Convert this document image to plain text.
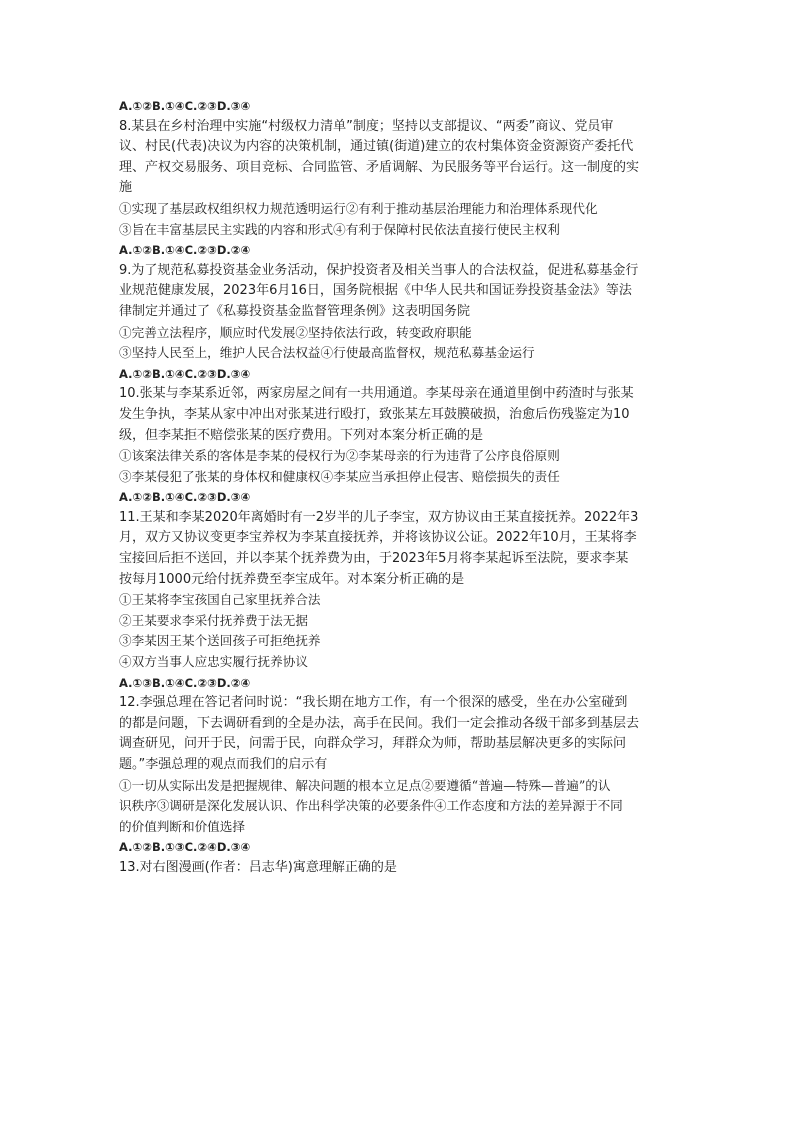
A.①②B.①④C.②③D.③④
8.某县在乡村治理中实施“村级权力清单”制度；坚持以支部提议、“两委”商议、党员审
议、村民(代表)决议为内容的决策机制，通过镇(街道)建立的农村集体资金资源资产委托代
理、产权交易服务、项目竞标、合同监管、矛盾调解、为民服务等平台运行。这一制度的实
施
①实现了基层政权组织权力规范透明运行②有利于推动基层治理能力和治理体系现代化
③旨在丰富基层民主实践的内容和形式④有利于保障村民依法直接行使民主权利
A.①②B.①④C.②③D.②④
9.为了规范私募投资基金业务活动，保护投资者及相关当事人的合法权益，促进私募基金行
业规范健康发展，2023年6月16日，国务院根据《中华人民共和国证券投资基金法》等法
律制定并通过了《私募投资基金监督管理条例》这表明国务院
①完善立法程序，顺应时代发展②坚持依法行政，转变政府职能
③坚持人民至上，维护人民合法权益④行使最高监督权，规范私募基金运行
A.①②B.①④C.②③D.③④
10.张某与李某系近邻，两家房屋之间有一共用通道。李某母亲在通道里倒中药渣时与张某
发生争执，李某从家中冲出对张某进行殴打，致张某左耳鼓膜破损，治愈后伤残鉴定为10
级，但李某拒不赔偿张某的医疗费用。下列对本案分析正确的是
①该案法律关系的客体是李某的侵权行为②李某母亲的行为违背了公序良俗原则
③李某侵犯了张某的身体权和健康权④李某应当承担停止侵害、赔偿损失的责任
A.①②B.①④C.②③D.③④
11.王某和李某2020年离婚时有一2岁半的儿子李宝，双方协议由王某直接抚养。2022年3
月，双方又协议变更李宝养权为李某直接抚养，并将该协议公证。2022年10月，王某将李
宝接回后拒不送回，并以李某个抚养费为由，于2023年5月将李某起诉至法院，要求李某
按每月1000元给付抚养费至李宝成年。对本案分析正确的是
①王某将李宝孩国自己家里抚养合法
②王某要求李采付抚养费于法无据
③李某因王某个送回孩子可拒绝抚养
④双方当事人应忠实履行抚养协议
A.①③B.①④C.②③D.②④
12.李强总理在答记者问时说：“我长期在地方工作，有一个很深的感受，坐在办公室碰到
的都是问题，下去调研看到的全是办法，高手在民间。我们一定会推动各级干部多到基层去
调查研见，问开于民，问需于民，向群众学习，拜群众为师，帮助基层解决更多的实际问
题。”李强总理的观点而我们的启示有
①一切从实际出发是把握规律、解决问题的根本立足点②要遵循“普遍—特殊—普遍”的认
识秩序③调研是深化发展认识、作出科学决策的必要条件④工作态度和方法的差异源于不同
的价值判断和价值选择
A.①②B.①③C.②④D.③④
13.对右图漫画(作者：吕志华)寓意理解正确的是
